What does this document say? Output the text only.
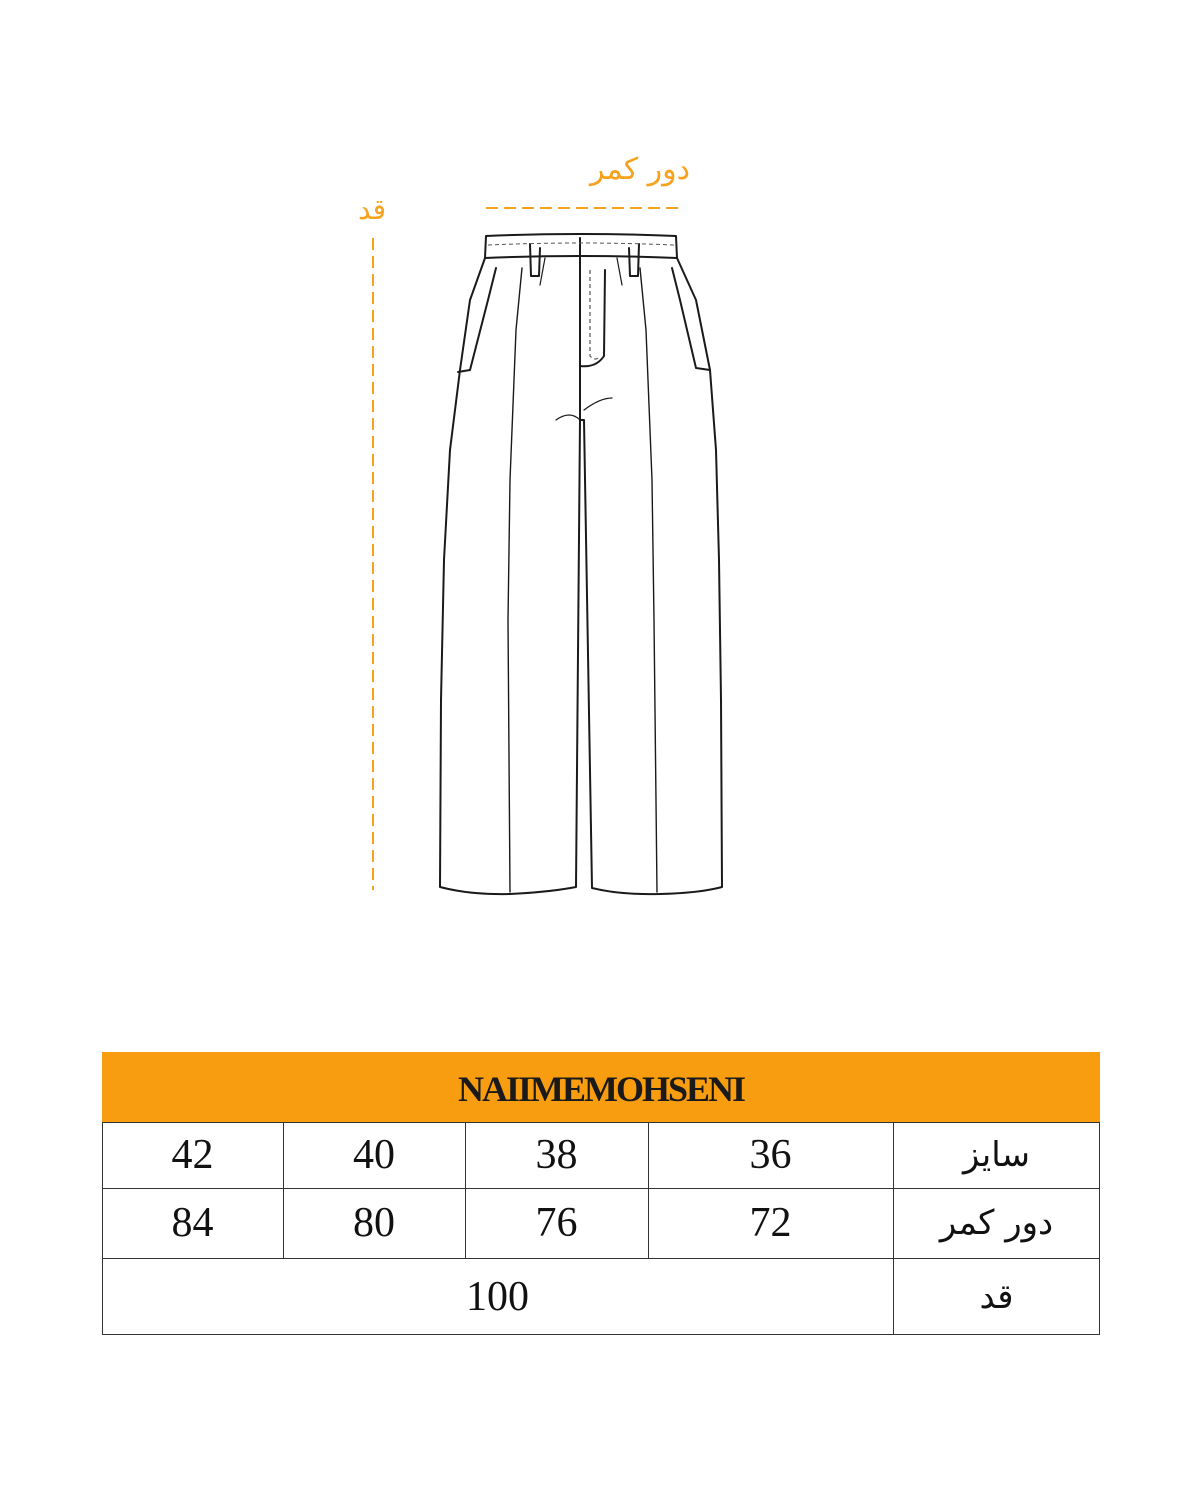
دور کمر
قد
NAIIMEMOHSENI
42	40	38	36	سایز
84	80	76	72	دور کمر
100	قد
